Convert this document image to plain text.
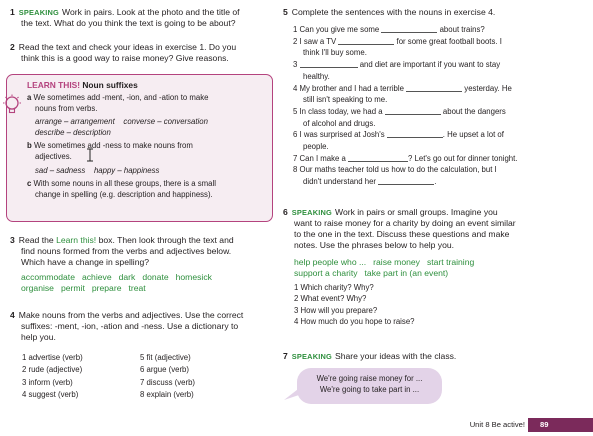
1 SPEAKING Work in pairs. Look at the photo and the title of
the text. What do you think the text is going to be about?
2 Read the text and check your ideas in exercise 1. Do you
think this is a good way to raise money? Give reasons.
LEARN THIS! Noun suffixes
a We sometimes add -ment, -ion, and -ation to make
nouns from verbs.
arrange – arrangement    converse – conversation
describe – description
b We sometimes add -ness to make nouns from
adjectives.
sad – sadness    happy – happiness
c With some nouns in all these groups, there is a small
change in spelling (e.g. description and happiness).
3 Read the Learn this! box. Then look through the text and
find nouns formed from the verbs and adjectives below.
Which have a change in spelling?
accommodate achieve dark donate homesick
organise permit prepare treat
4 Make nouns from the verbs and adjectives. Use the correct
suffixes: -ment, -ion, -ation and -ness. Use a dictionary to
help you.
1 advertise (verb)
2 rude (adjective)
3 inform (verb)
4 suggest (verb)
5 fit (adjective)
6 argue (verb)
7 discuss (verb)
8 explain (verb)
5 Complete the sentences with the nouns in exercise 4.
1 Can you give me some	about trains?
2 I saw a TV	for some great football boots. I
think I'll buy some.
3	and diet are important if you want to stay
healthy.
4 My brother and I had a terrible	yesterday. He
still isn't speaking to me.
5 In class today, we had a	about the dangers
of alcohol and drugs.
6 I was surprised at Josh's	. He upset a lot of
people.
7 Can I make a	? Let's go out for dinner tonight.
8 Our maths teacher told us how to do the calculation, but I
didn't understand her	.
6 SPEAKING Work in pairs or small groups. Imagine you
want to raise money for a charity by doing an event similar
to the one in the text. Discuss these questions and make
notes. Use the phrases below to help you.
help people who ... raise money start training
support a charity take part in (an event)
1 Which charity? Why?
2 What event? Why?
3 How will you prepare?
4 How much do you hope to raise?
7 SPEAKING Share your ideas with the class.
We're going raise money for ...
We're going to take part in ...
Unit 8 Be active!	89
